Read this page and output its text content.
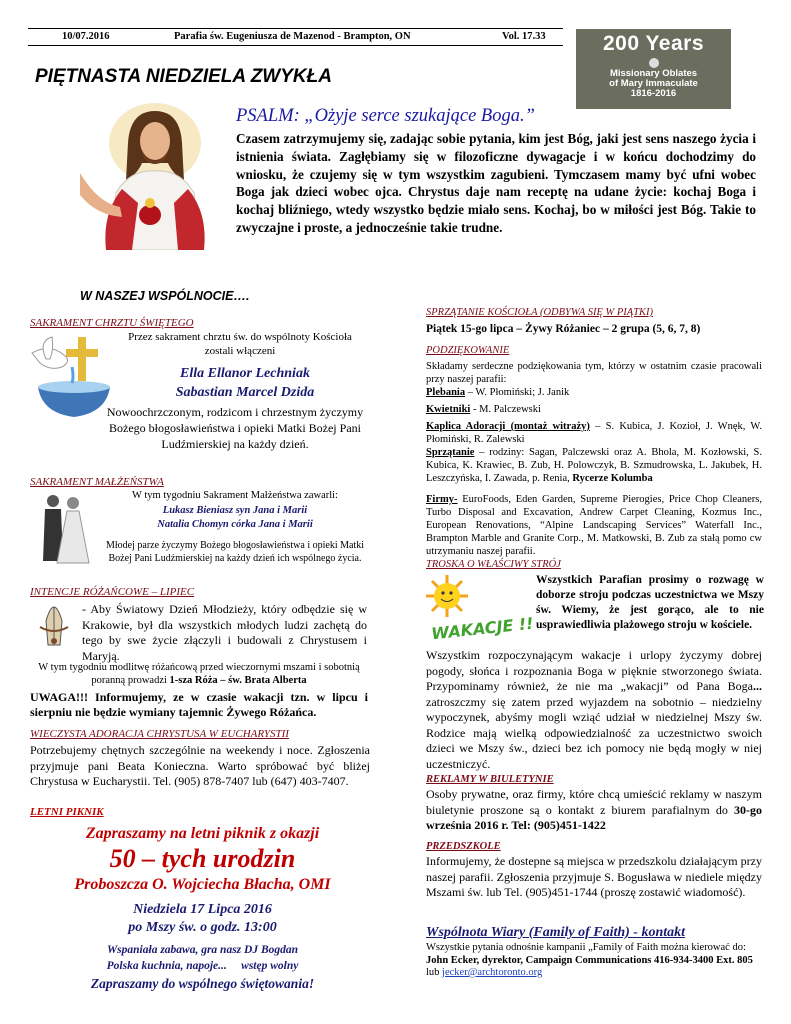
10/07.2016	Parafia św. Eugeniusza de Mazenod - Brampton, ON	Vol. 17.33	200 Years
Missionary Oblates
of Mary Immaculate
1816-2016
PIĘTNASTA NIEDZIELA ZWYKŁA
PSALM: „Ożyje serce szukające Boga.”
Czasem zatrzymujemy się, zadając sobie pytania, kim jest Bóg, jaki jest sens naszego życia i istnienia świata. Zagłębiamy się w filozoficzne dywagacje i w końcu dochodzimy do wniosku, że czujemy się w tym wszystkim zagubieni. Tymczasem mamy być ufni wobec Boga jak dzieci wobec ojca. Chrystus daje nam receptę na udane życie: kochaj Boga i kochaj bliźniego, wtedy wszystko będzie miało sens. Kochaj, bo w miłości jest Bóg. Takie to zwyczajne i proste, a jednocześnie takie trudne.
W NASZEJ WSPÓLNOCIE….
SAKRAMENT CHRZTU ŚWIĘTEGO
Przez sakrament chrztu św. do wspólnoty Kościoła zostali włączeni
Ella Ellanor Lechniak
Sabastian Marcel Dzida
Nowoochrzczonym, rodzicom i chrzestnym życzymy Bożego błogosławieństwa i opieki Matki Bożej Pani Ludźmierskiej na każdy dzień.
SAKRAMENT MAŁŻEŃSTWA
W tym tygodniu Sakrament Małżeństwa zawarli:
Lukasz Bieniasz syn Jana i Marii
Natalia Chomyn córka Jana i Marii
Młodej parze życzymy Bożego błogosławieństwa i opieki Matki Bożej Pani Ludźmierskiej na każdy dzień ich wspólnego życia.
INTENCJE RÓŻAŃCOWE – LIPIEC
- Aby Światowy Dzień Młodzieży, który odbędzie się w Krakowie, był dla wszystkich młodych ludzi zachętą do tego by swe życie złączyli i budowali z Chrystusem i Maryją.
W tym tygodniu modlitwę różańcową przed wieczornymi mszami i sobotnią poranną prowadzi 1-sza Róża – św. Brata Alberta
UWAGA!!! Informujemy, ze w czasie wakacji tzn. w lipcu i sierpniu nie będzie wymiany tajemnic Żywego Różańca.
WIECZYSTA ADORACJA CHRYSTUSA W EUCHARYSTII
Potrzebujemy chętnych szczególnie na weekendy i noce. Zgłoszenia przyjmuje pani Beata Konieczna. Warto spróbować być bliżej Chrystusa w Eucharystii. Tel. (905) 878-7407 lub (647) 403-7407.
LETNI PIKNIK
Zapraszamy na letni piknik z okazji
50 – tych urodzin
Proboszcza O. Wojciecha Błacha, OMI
Niedziela 17 Lipca 2016
po Mszy św. o godz. 13:00
Wspaniała zabawa, gra nasz DJ Bogdan
Polska kuchnia, napoje...     wstęp wolny
Zapraszamy do wspólnego świętowania!
SPRZĄTANIE KOŚCIOŁA (ODBYWA SIĘ W PIĄTKI)
Piątek 15-go lipca – Żywy Różaniec – 2 grupa (5, 6, 7, 8)
PODZIĘKOWANIE
Składamy serdeczne podziękowania tym, którzy w ostatnim czasie pracowali przy naszej parafii:
Plebania – W. Płomiński; J. Janik
Kwietniki - M. Palczewski
Kaplica Adoracji (montaż witraży) – S. Kubica, J. Kozioł, J. Wnęk, W. Płomiński, R. Zalewski
Sprzątanie – rodziny: Sagan, Palczewski oraz A. Bhola, M. Kozłowski, S. Kubica, K. Krawiec, B. Zub, H. Polowczyk, B. Szmudrowska, L. Jakubek, H. Leszczyńska, I. Zawada, p. Renia, Rycerze Kolumba
Firmy- EuroFoods, Eden Garden, Supreme Pierogies, Price Chop Cleaners, Turbo Disposal and Excavation, Andrew Carpet Cleaning, Kozmus Inc., European Renovations, “Alpine Landscaping Services” Waterfall Inc., Brampton Marble and Granite Corp., M. Matkowski, B. Zub za stałą pomo cw utrzymaniu naszej parafii.
TROSKA O WŁAŚCIWY STRÓJ
WAKACJE !!!
Wszystkich Parafian prosimy o rozwagę w doborze stroju podczas uczestnictwa we Mszy św. Wiemy, że jest gorąco, ale to nie usprawiedliwia plażowego stroju w kościele.
Wszystkim rozpoczynającym wakacje i urlopy życzymy dobrej pogody, słońca i rozpoznania Boga w pięknie stworzonego świata. Przypominamy również, że nie ma „wakacji” od Pana Boga... zatroszczmy się zatem przed wyjazdem na sobotnio – niedzielny wypoczynek, abyśmy mogli wziąć udział w niedzielnej Mszy św. Rodzice mają wielką odpowiedzialność za uczestnictwo swoich dzieci we Mszy św., dzieci bez ich pomocy nie będą mogły w niej uczestniczyć.
REKLAMY W BIULETYNIE
Osoby prywatne, oraz firmy, które chcą umieścić reklamy w naszym biuletynie proszone są o kontakt z biurem parafialnym do 30-go września 2016 r. Tel: (905)451-1422
PRZEDSZKOLE
Informujemy, że dostepne są miejsca w przedszkolu działającym przy naszej parafii. Zgłoszenia przyjmuje S. Bogusława w niediele między Mszami św. lub Tel. (905)451-1744 (proszę zostawić wiadomość).
Wspólnota Wiary (Family of Faith) - kontakt
Wszystkie pytania odnośnie kampanii „Family of Faith można kierować do: John Ecker, dyrektor, Campaign Communications 416-934-3400 Ext. 805 lub jecker@archtoronto.org
